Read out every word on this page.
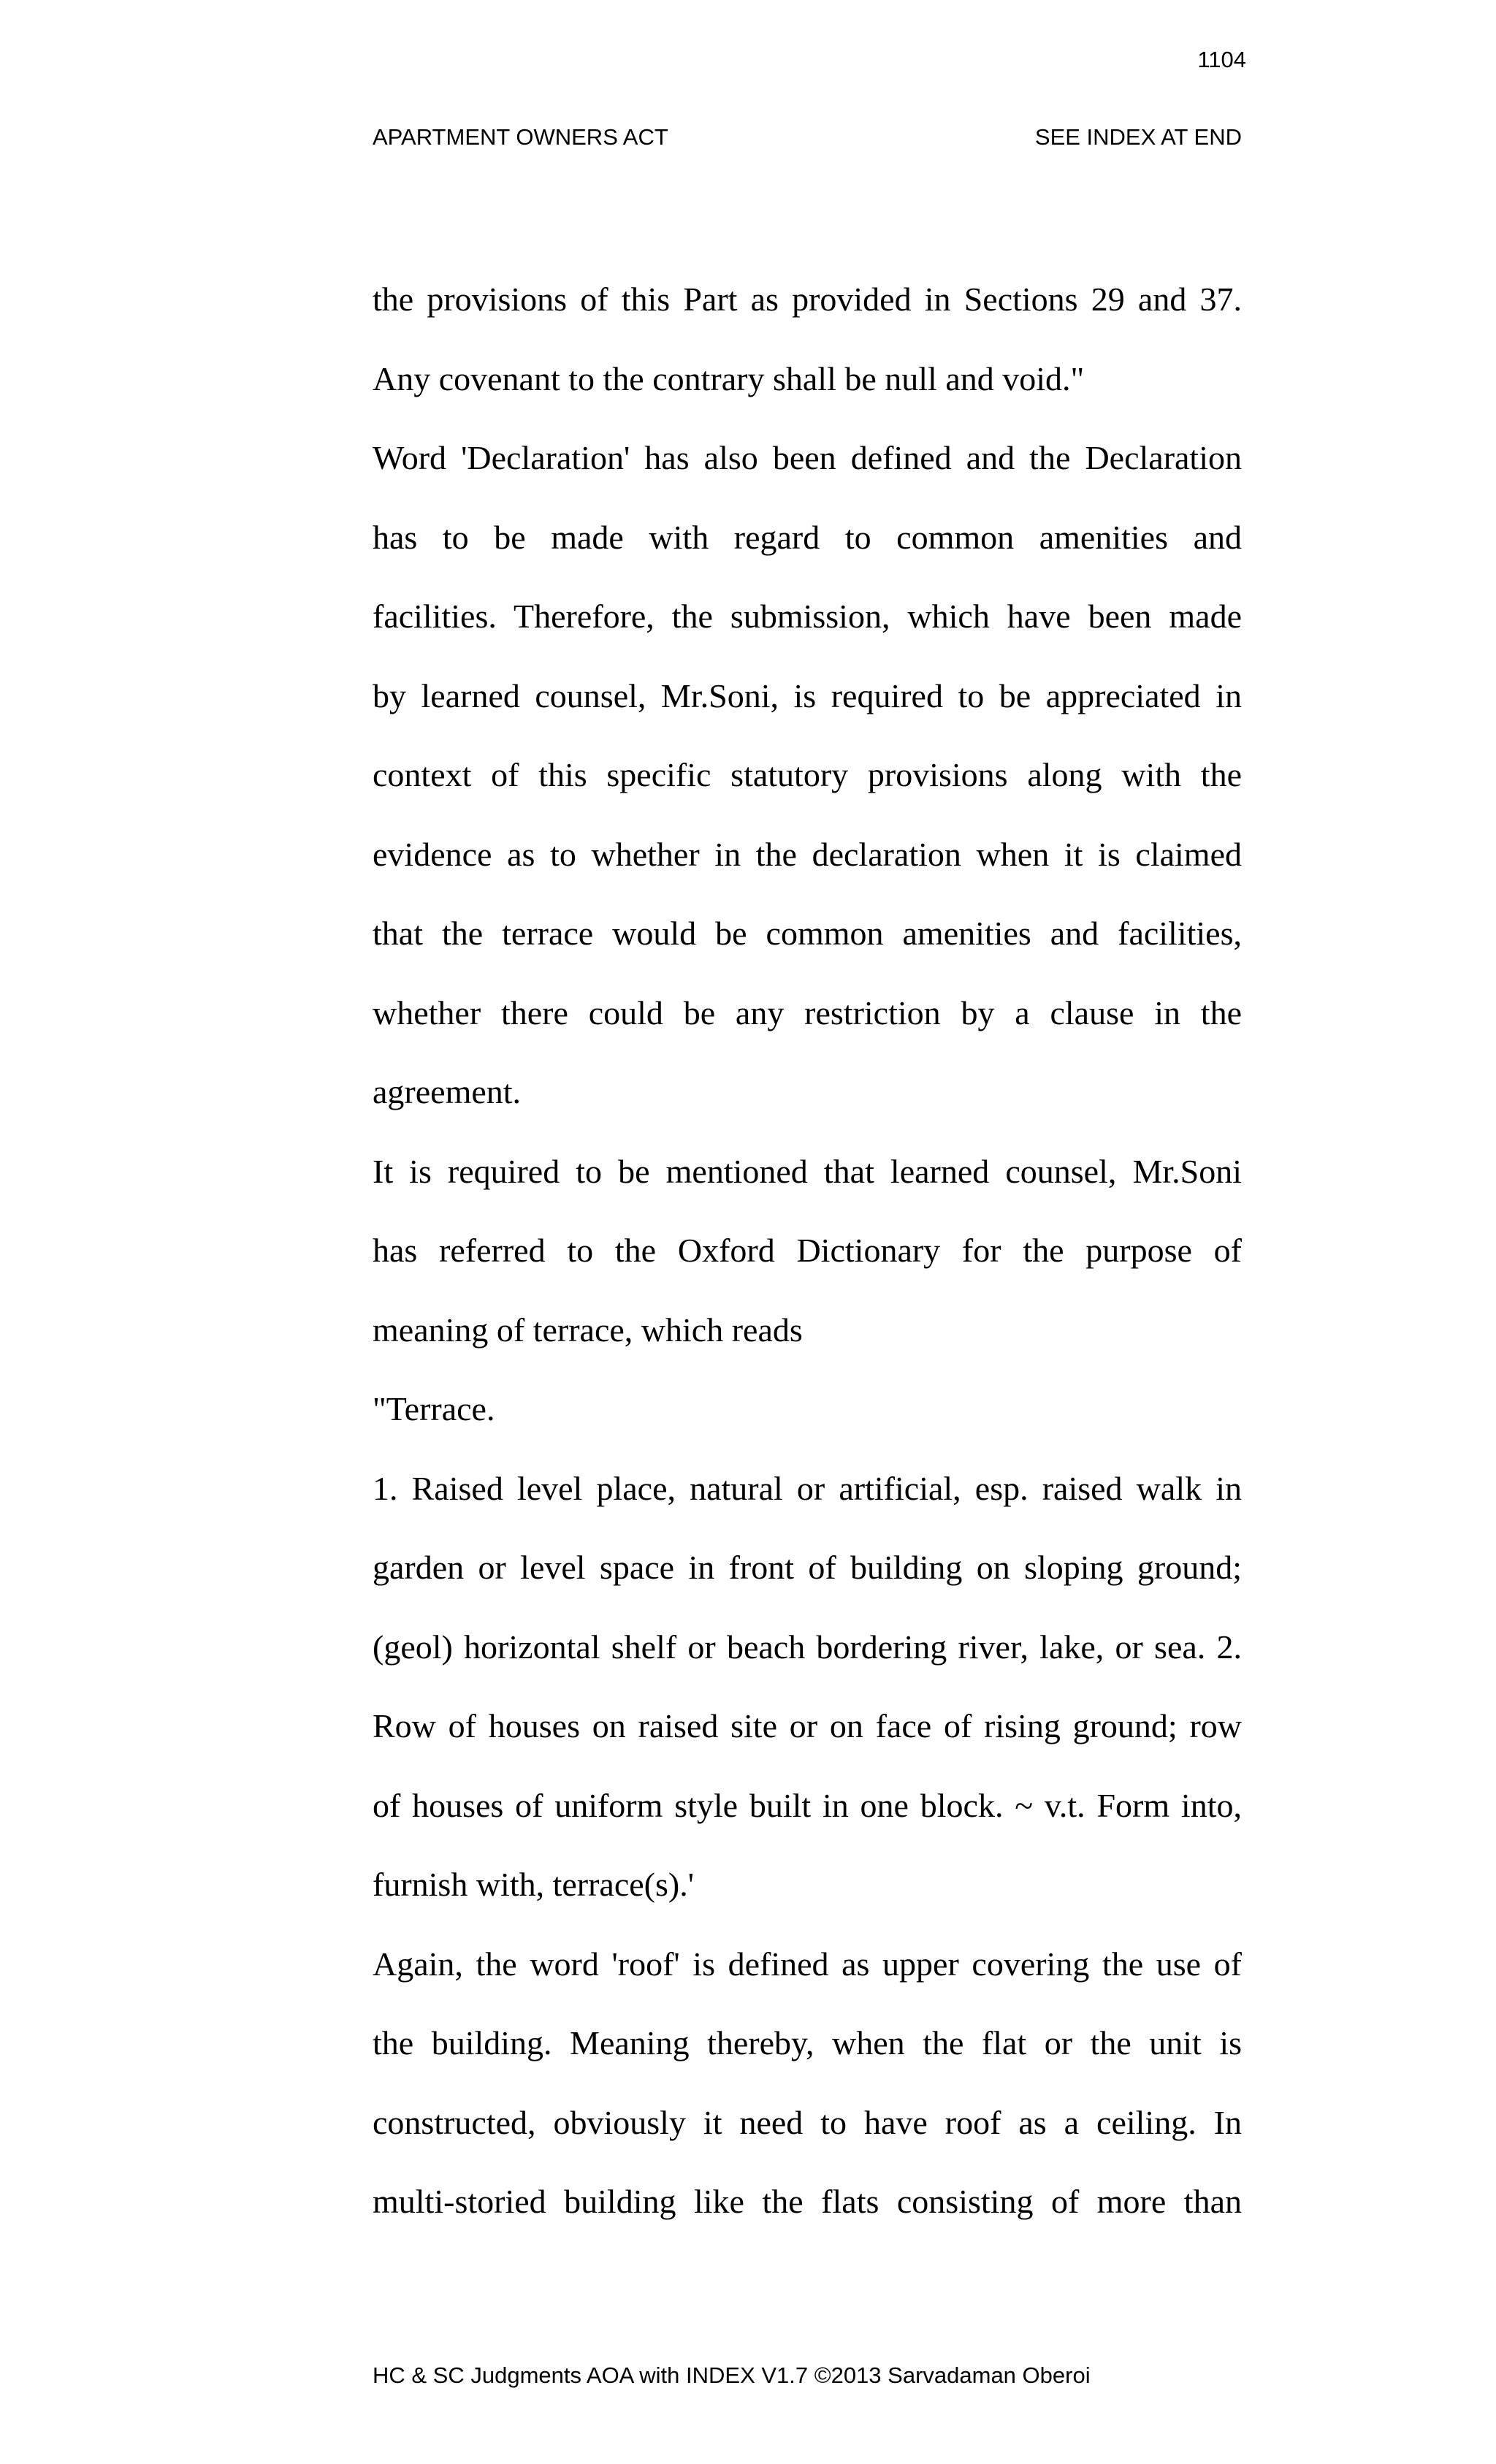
1104
APARTMENT OWNERS ACT	SEE INDEX AT END

the provisions of this Part as provided in Sections 29 and 37.

Any covenant to the contrary shall be null and void."

Word 'Declaration' has also been defined and the Declaration

has to be made with regard to common amenities and

facilities. Therefore, the submission, which have been made

by learned counsel, Mr.Soni, is required to be appreciated in

context of this specific statutory provisions along with the

evidence as to whether in the declaration when it is claimed

that the terrace would be common amenities and facilities,

whether there could be any restriction by a clause in the

agreement.

It is required to be mentioned that learned counsel, Mr.Soni

has referred to the Oxford Dictionary for the purpose of

meaning of terrace, which reads

"Terrace.

1. Raised level place, natural or artificial, esp. raised walk in

garden or level space in front of building on sloping ground;

(geol) horizontal shelf or beach bordering river, lake, or sea. 2.

Row of houses on raised site or on face of rising ground; row

of houses of uniform style built in one block. ~ v.t. Form into,

furnish with, terrace(s).'

Again, the word 'roof' is defined as upper covering the use of

the building. Meaning thereby, when the flat or the unit is

constructed, obviously it need to have roof as a ceiling. In

multi-storied building like the flats consisting of more than

HC & SC Judgments AOA with INDEX V1.7 ©2013 Sarvadaman Oberoi
